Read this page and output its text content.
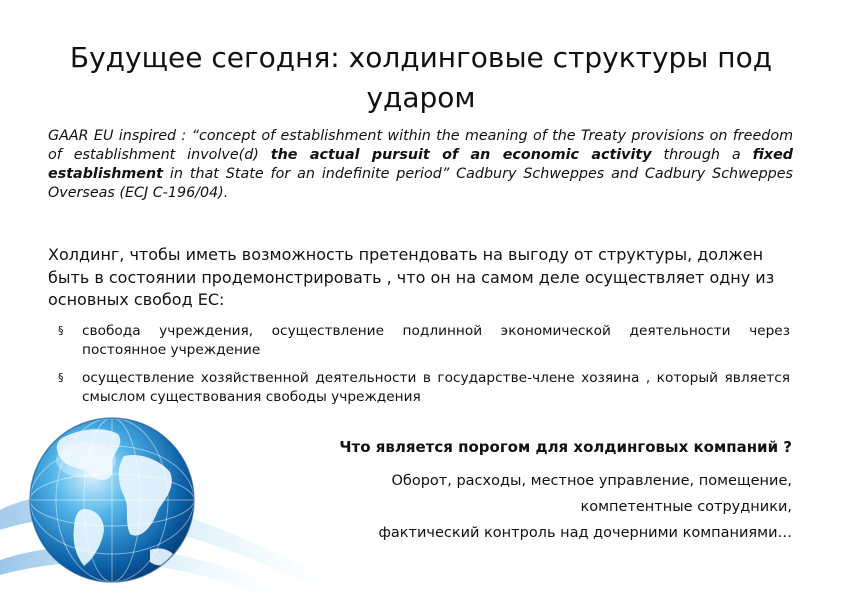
Будущее сегодня: холдинговые структуры под ударом
GAAR EU inspired : “concept of establishment within the meaning of the Treaty provisions on freedom of establishment involve(d) the actual pursuit of an economic activity through a fixed establishment in that State for an indefinite period” Cadbury Schweppes and Cadbury Schweppes Overseas (ECJ C-196/04).
Холдинг, чтобы иметь возможность претендовать на выгоду от структуры, должен быть в состоянии продемонстрировать , что он на самом деле осуществляет одну из основных свобод ЕС:
§ свобода учреждения, осуществление подлинной экономической деятельности через постоянное учреждение
§ осуществление хозяйственной деятельности в государстве-члене хозяина , который является смыслом существования свободы учреждения
Что является порогом для холдинговых компаний ?
Оборот, расходы, местное управление, помещение,
компетентные сотрудники,
фактический контроль над дочерними компаниями…
